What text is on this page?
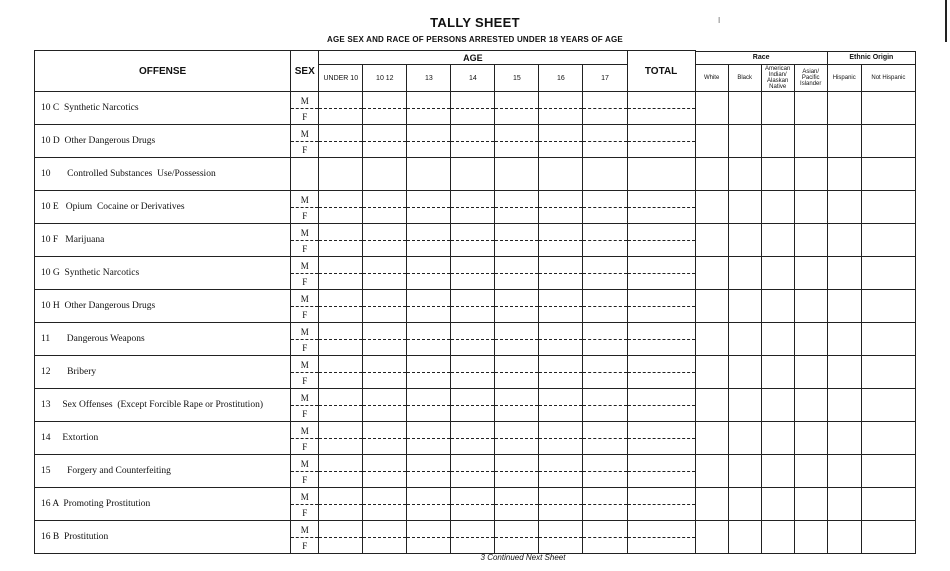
TALLY SHEET
AGE SEX AND RACE OF PERSONS ARRESTED UNDER 18 YEARS OF AGE
I
OFFENSE	SEX	AGE							TOTAL						
										Race				Ethnic Origin	
		UNDER 10	10 12	13	14	15	16	17		White	Black	American Indian/ Alaskan Native	Asian/ Pacific Islander	Hispanic	Not Hispanic
10 C  Synthetic Narcotics	M
F														

10 D  Other Dangerous Drugs	M
F														

10       Controlled Substances  Use/Possession															
10 E   Opium  Cocaine or Derivatives	M
F														

10 F   Marijuana	M
F														

10 G  Synthetic Narcotics	M
F														

10 H  Other Dangerous Drugs	M
F														

11       Dangerous Weapons	M
F														

12       Bribery	M
F														

13     Sex Offenses  (Except Forcible Rape or Prostitution)	M
F														

14     Extortion	M
F														

15       Forgery and Counterfeiting	M
F														

16 A  Promoting Prostitution	M
F														

16 B  Prostitution	M
F														

3 Continued Next Sheet
